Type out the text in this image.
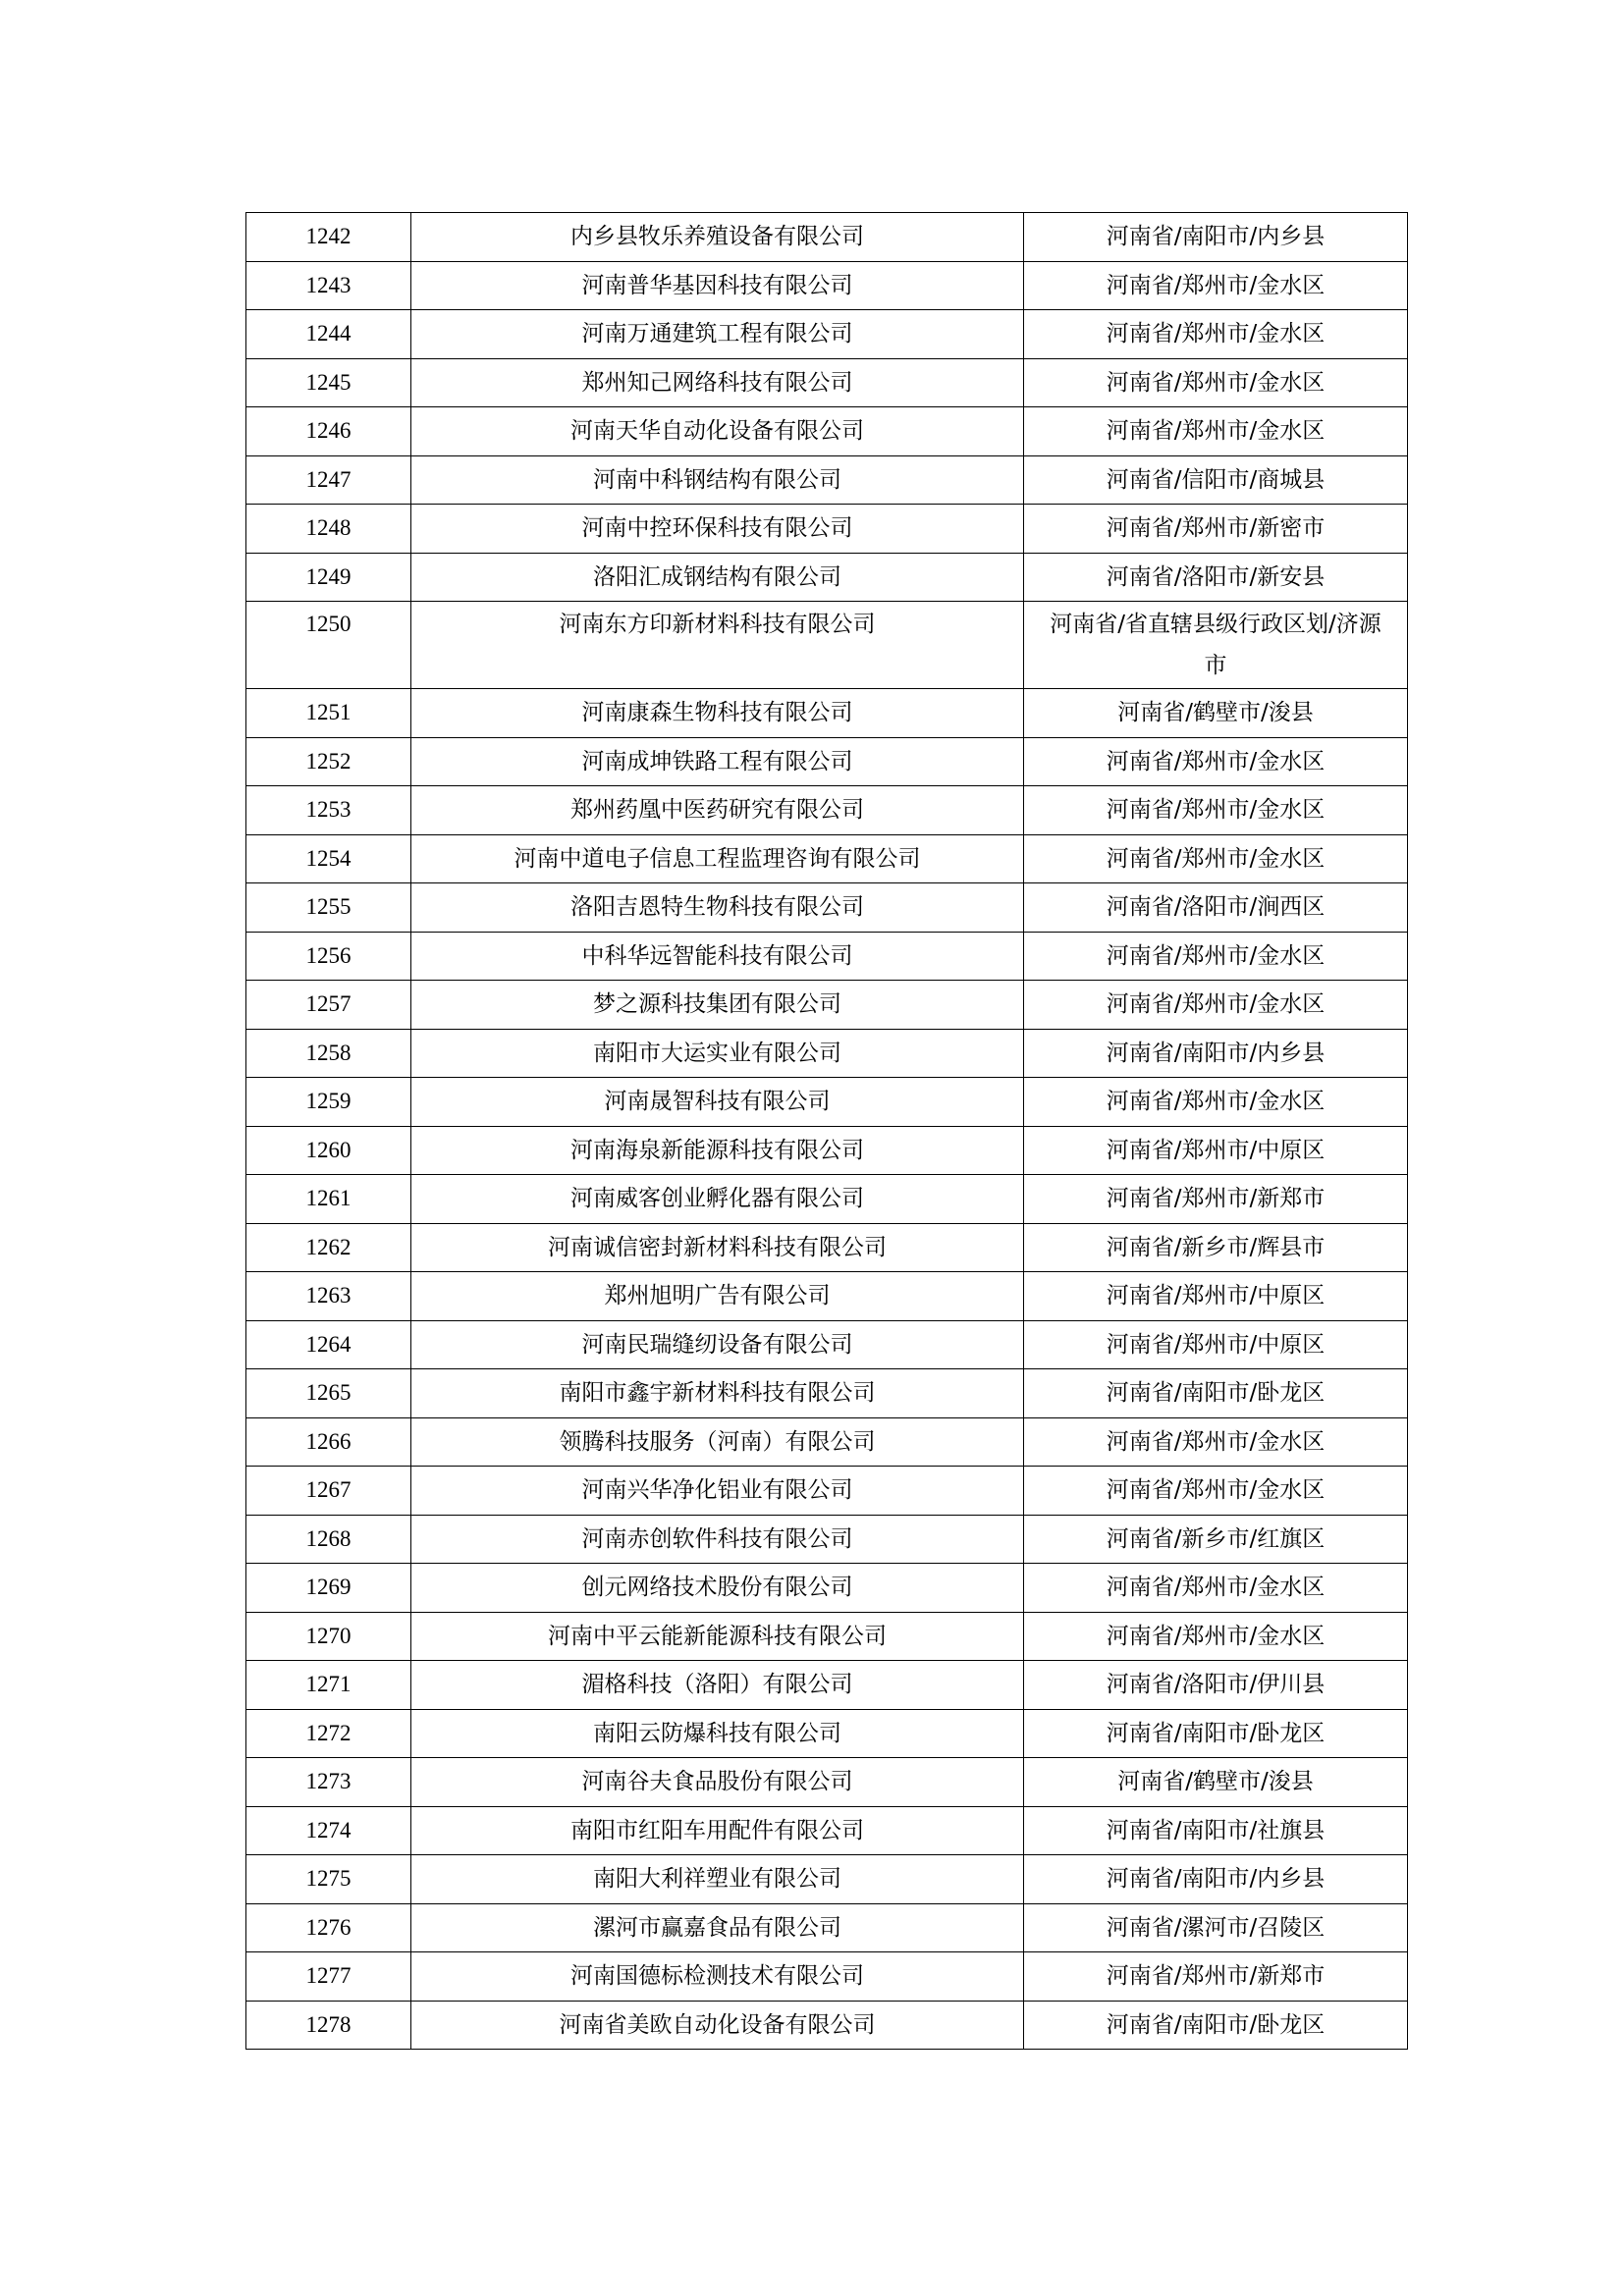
1242	内乡县牧乐养殖设备有限公司	河南省/南阳市/内乡县
1243	河南普华基因科技有限公司	河南省/郑州市/金水区
1244	河南万通建筑工程有限公司	河南省/郑州市/金水区
1245	郑州知己网络科技有限公司	河南省/郑州市/金水区
1246	河南天华自动化设备有限公司	河南省/郑州市/金水区
1247	河南中科钢结构有限公司	河南省/信阳市/商城县
1248	河南中控环保科技有限公司	河南省/郑州市/新密市
1249	洛阳汇成钢结构有限公司	河南省/洛阳市/新安县
1250	河南东方印新材料科技有限公司	河南省/省直辖县级行政区划/济源市
1251	河南康森生物科技有限公司	河南省/鹤壁市/浚县
1252	河南成坤铁路工程有限公司	河南省/郑州市/金水区
1253	郑州药凰中医药研究有限公司	河南省/郑州市/金水区
1254	河南中道电子信息工程监理咨询有限公司	河南省/郑州市/金水区
1255	洛阳吉恩特生物科技有限公司	河南省/洛阳市/涧西区
1256	中科华远智能科技有限公司	河南省/郑州市/金水区
1257	梦之源科技集团有限公司	河南省/郑州市/金水区
1258	南阳市大运实业有限公司	河南省/南阳市/内乡县
1259	河南晟智科技有限公司	河南省/郑州市/金水区
1260	河南海泉新能源科技有限公司	河南省/郑州市/中原区
1261	河南威客创业孵化器有限公司	河南省/郑州市/新郑市
1262	河南诚信密封新材料科技有限公司	河南省/新乡市/辉县市
1263	郑州旭明广告有限公司	河南省/郑州市/中原区
1264	河南民瑞缝纫设备有限公司	河南省/郑州市/中原区
1265	南阳市鑫宇新材料科技有限公司	河南省/南阳市/卧龙区
1266	领腾科技服务（河南）有限公司	河南省/郑州市/金水区
1267	河南兴华净化铝业有限公司	河南省/郑州市/金水区
1268	河南赤创软件科技有限公司	河南省/新乡市/红旗区
1269	创元网络技术股份有限公司	河南省/郑州市/金水区
1270	河南中平云能新能源科技有限公司	河南省/郑州市/金水区
1271	湄格科技（洛阳）有限公司	河南省/洛阳市/伊川县
1272	南阳云防爆科技有限公司	河南省/南阳市/卧龙区
1273	河南谷夫食品股份有限公司	河南省/鹤壁市/浚县
1274	南阳市红阳车用配件有限公司	河南省/南阳市/社旗县
1275	南阳大利祥塑业有限公司	河南省/南阳市/内乡县
1276	漯河市赢嘉食品有限公司	河南省/漯河市/召陵区
1277	河南国德标检测技术有限公司	河南省/郑州市/新郑市
1278	河南省美欧自动化设备有限公司	河南省/南阳市/卧龙区
